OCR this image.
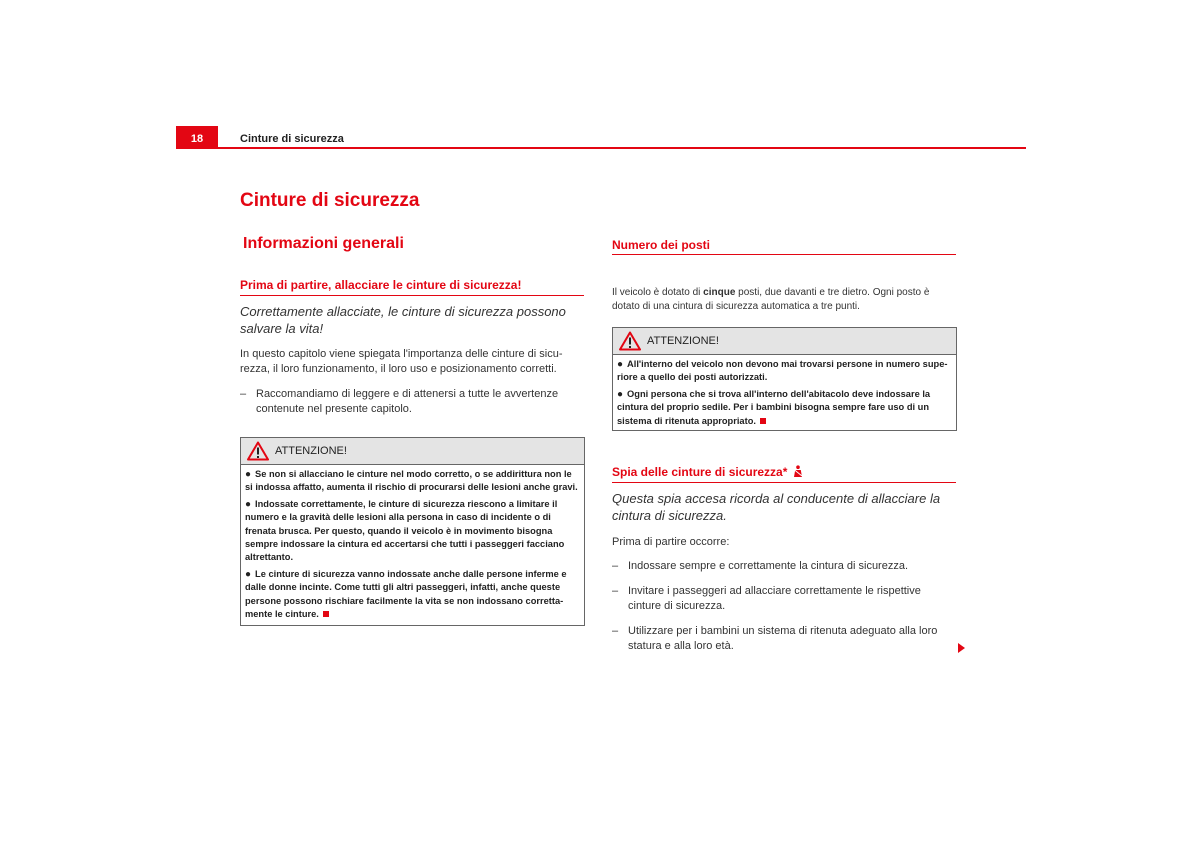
18	Cinture di sicurezza
Cinture di sicurezza
Informazioni generali
Prima di partire, allacciare le cinture di sicurezza!
Correttamente allacciate, le cinture di sicurezza possono
salvare la vita!
In questo capitolo viene spiegata l'importanza delle cinture di sicu-
rezza, il loro funzionamento, il loro uso e posizionamento corretti.
– Raccomandiamo di leggere e di attenersi a tutte le avvertenze
contenute nel presente capitolo.
ATTENZIONE!

● Se non si allacciano le cinture nel modo corretto, o se addirittura non le
si indossa affatto, aumenta il rischio di procurarsi delle lesioni anche gravi.

● Indossate correttamente, le cinture di sicurezza riescono a limitare il
numero e la gravità delle lesioni alla persona in caso di incidente o di
frenata brusca. Per questo, quando il veicolo è in movimento bisogna
sempre indossare la cintura ed accertarsi che tutti i passeggeri facciano
altrettanto.

● Le cinture di sicurezza vanno indossate anche dalle persone inferme e
dalle donne incinte. Come tutti gli altri passeggeri, infatti, anche queste
persone possono rischiare facilmente la vita se non indossano corretta-
mente le cinture.

Numero dei posti
Il veicolo è dotato di cinque posti, due davanti e tre dietro. Ogni posto è
dotato di una cintura di sicurezza automatica a tre punti.
ATTENZIONE!

● All'interno del veicolo non devono mai trovarsi persone in numero supe-
riore a quello dei posti autorizzati.

● Ogni persona che si trova all'interno dell'abitacolo deve indossare la
cintura del proprio sedile. Per i bambini bisogna sempre fare uso di un
sistema di ritenuta appropriato.

Spia delle cinture di sicurezza*
Questa spia accesa ricorda al conducente di allacciare la
cintura di sicurezza.
Prima di partire occorre:
– Indossare sempre e correttamente la cintura di sicurezza.
– Invitare i passeggeri ad allacciare correttamente le rispettive
cinture di sicurezza.
– Utilizzare per i bambini un sistema di ritenuta adeguato alla loro
statura e alla loro età.
